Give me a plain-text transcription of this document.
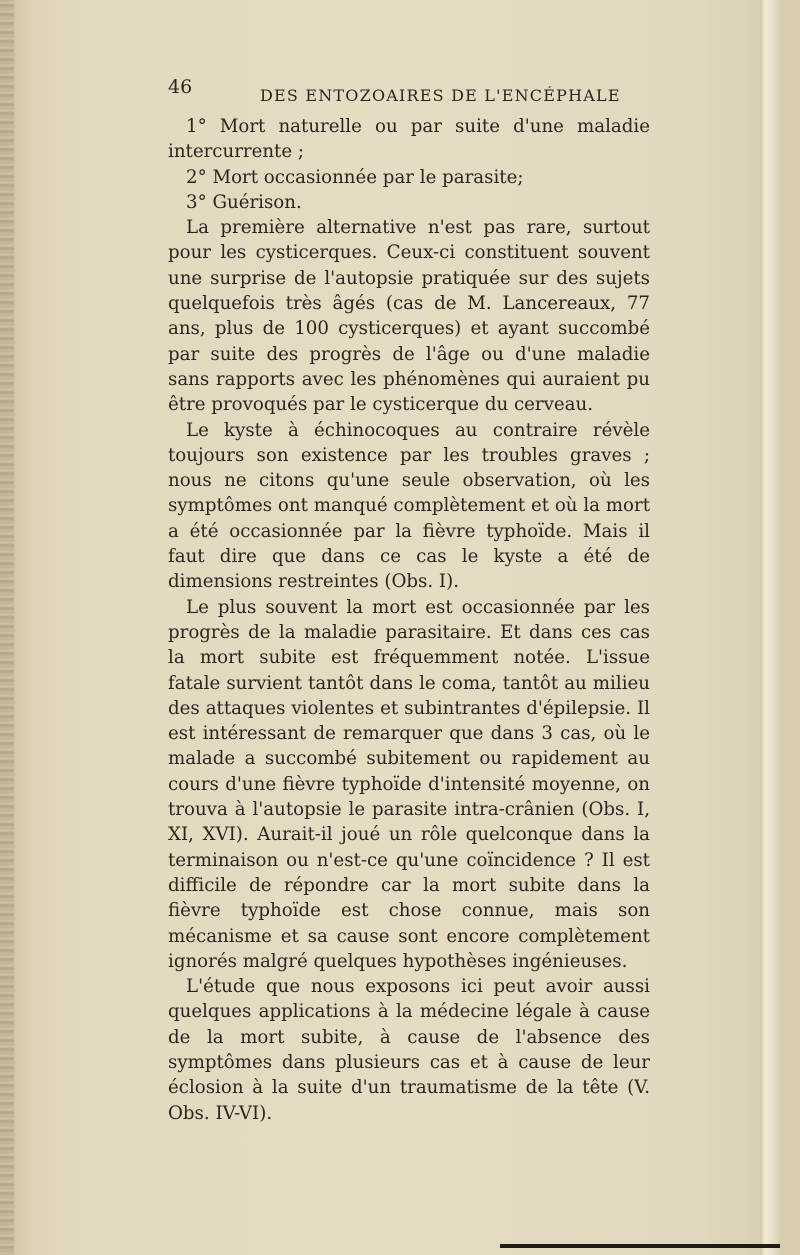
46	DES ENTOZOAIRES DE L'ENCÉPHALE

1° Mort naturelle ou par suite d'une maladie intercurrente ;

2° Mort occasionnée par le parasite;

3° Guérison.

La première alternative n'est pas rare, surtout pour les cysticerques. Ceux-ci constituent souvent une surprise de l'autopsie pratiquée sur des sujets quelquefois très âgés (cas de M. Lancereaux, 77 ans, plus de 100 cysticerques) et ayant succombé par suite des progrès de l'âge ou d'une maladie sans rapports avec les phénomènes qui auraient pu être provoqués par le cysticerque du cerveau.

Le kyste à échinocoques au contraire révèle toujours son existence par les troubles graves ; nous ne citons qu'une seule observation, où les symptômes ont manqué complètement et où la mort a été occasionnée par la fièvre typhoïde. Mais il faut dire que dans ce cas le kyste a été de dimensions restreintes (Obs. I).

Le plus souvent la mort est occasionnée par les progrès de la maladie parasitaire. Et dans ces cas la mort subite est fréquemment notée. L'issue fatale survient tantôt dans le coma, tantôt au milieu des attaques violentes et subintrantes d'épilepsie. Il est intéressant de remarquer que dans 3 cas, où le malade a succombé subitement ou rapidement au cours d'une fièvre typhoïde d'intensité moyenne, on trouva à l'autopsie le parasite intra-crânien (Obs. I, XI, XVI). Aurait-il joué un rôle quelconque dans la terminaison ou n'est-ce qu'une coïncidence ? Il est difficile de répondre car la mort subite dans la fièvre typhoïde est chose connue, mais son mécanisme et sa cause sont encore complètement ignorés malgré quelques hypothèses ingénieuses.

L'étude que nous exposons ici peut avoir aussi quelques applications à la médecine légale à cause de la mort subite, à cause de l'absence des symptômes dans plusieurs cas et à cause de leur éclosion à la suite d'un traumatisme de la tête (V. Obs. IV-VI).
